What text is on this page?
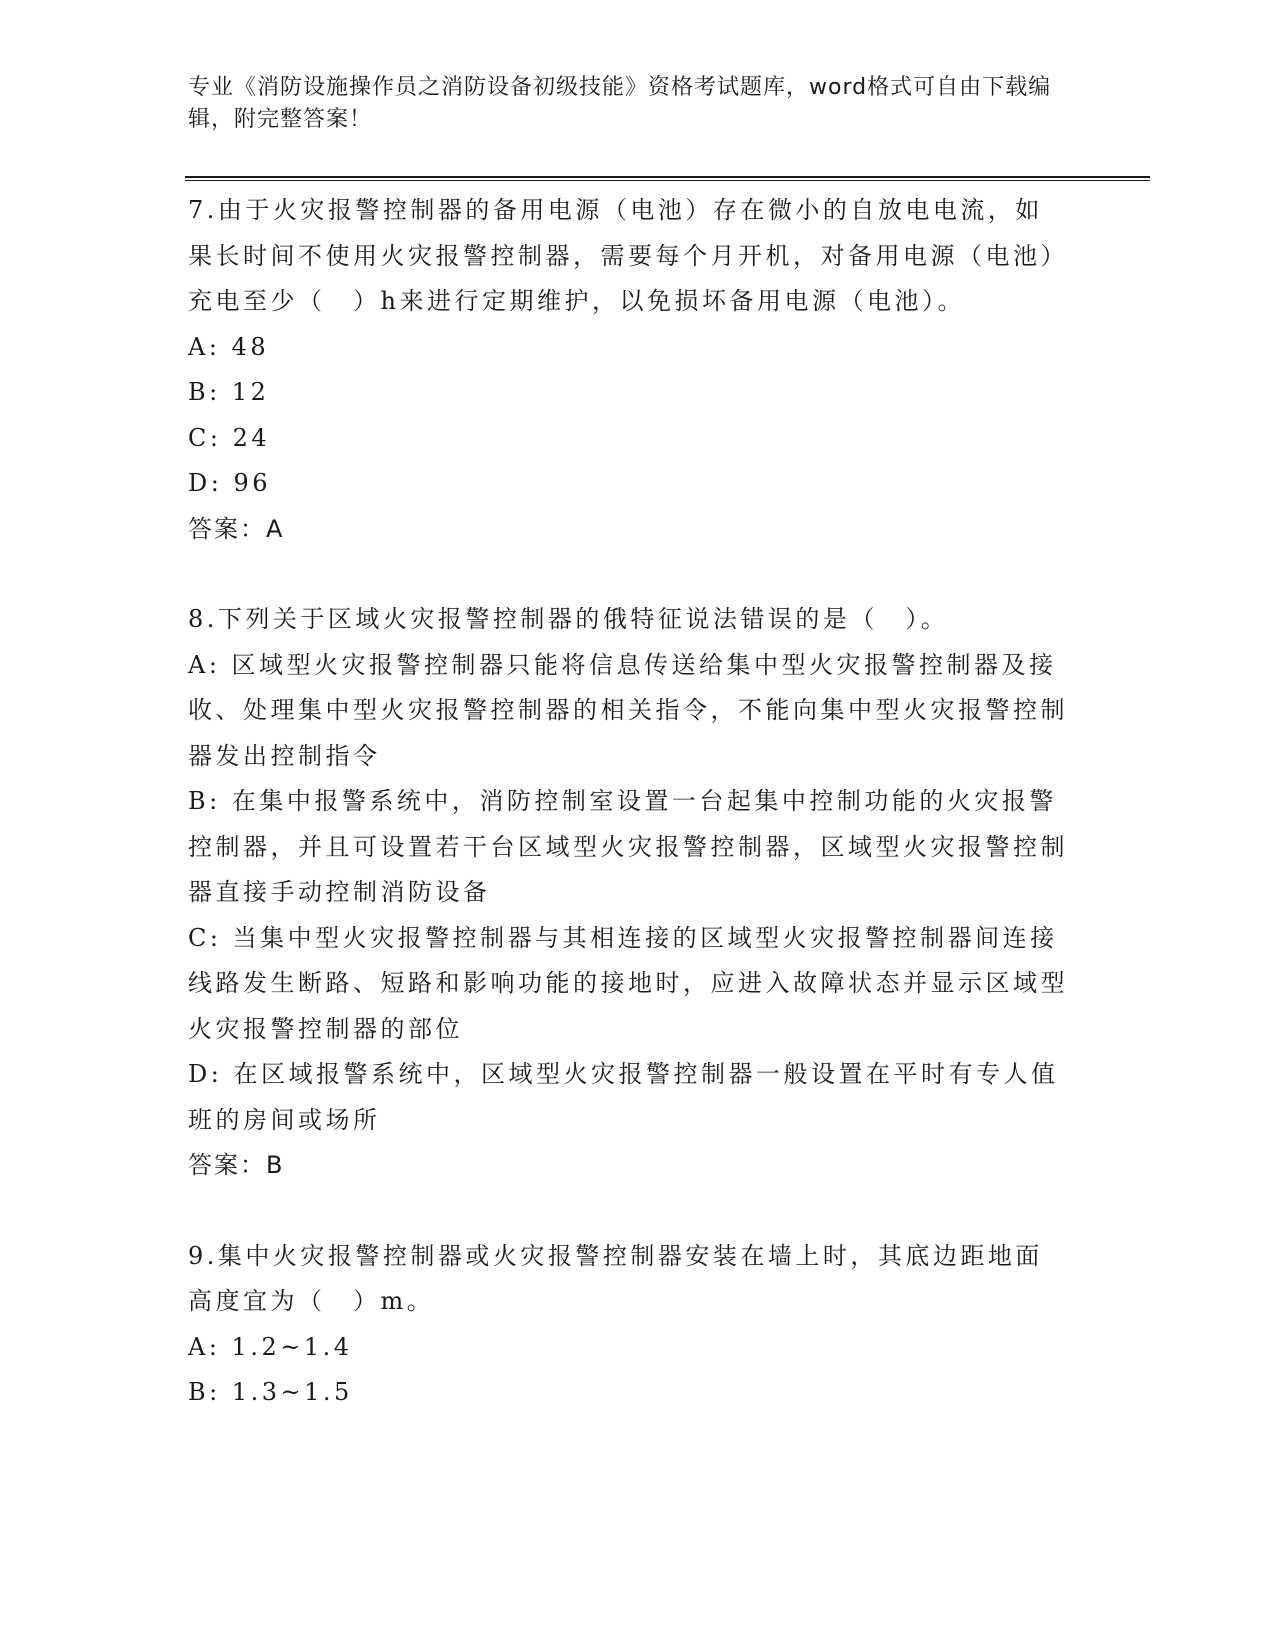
专业《消防设施操作员之消防设备初级技能》资格考试题库，word格式可自由下载编辑，附完整答案！

7.由于火灾报警控制器的备用电源（电池）存在微小的自放电电流，如果长时间不使用火灾报警控制器，需要每个月开机，对备用电源（电池）充电至少（　）h来进行定期维护，以免损坏备用电源（电池）。

A: 48

B: 12

C: 24

D: 96

答案：A

8.下列关于区域火灾报警控制器的俄特征说法错误的是（　）。

A: 区域型火灾报警控制器只能将信息传送给集中型火灾报警控制器及接收、处理集中型火灾报警控制器的相关指令，不能向集中型火灾报警控制器发出控制指令

B: 在集中报警系统中，消防控制室设置一台起集中控制功能的火灾报警控制器，并且可设置若干台区域型火灾报警控制器，区域型火灾报警控制器直接手动控制消防设备

C: 当集中型火灾报警控制器与其相连接的区域型火灾报警控制器间连接线路发生断路、短路和影响功能的接地时，应进入故障状态并显示区域型火灾报警控制器的部位

D: 在区域报警系统中，区域型火灾报警控制器一般设置在平时有专人值班的房间或场所

答案：B

9.集中火灾报警控制器或火灾报警控制器安装在墙上时，其底边距地面高度宜为（　）m。

A: 1.2~1.4

B: 1.3~1.5
